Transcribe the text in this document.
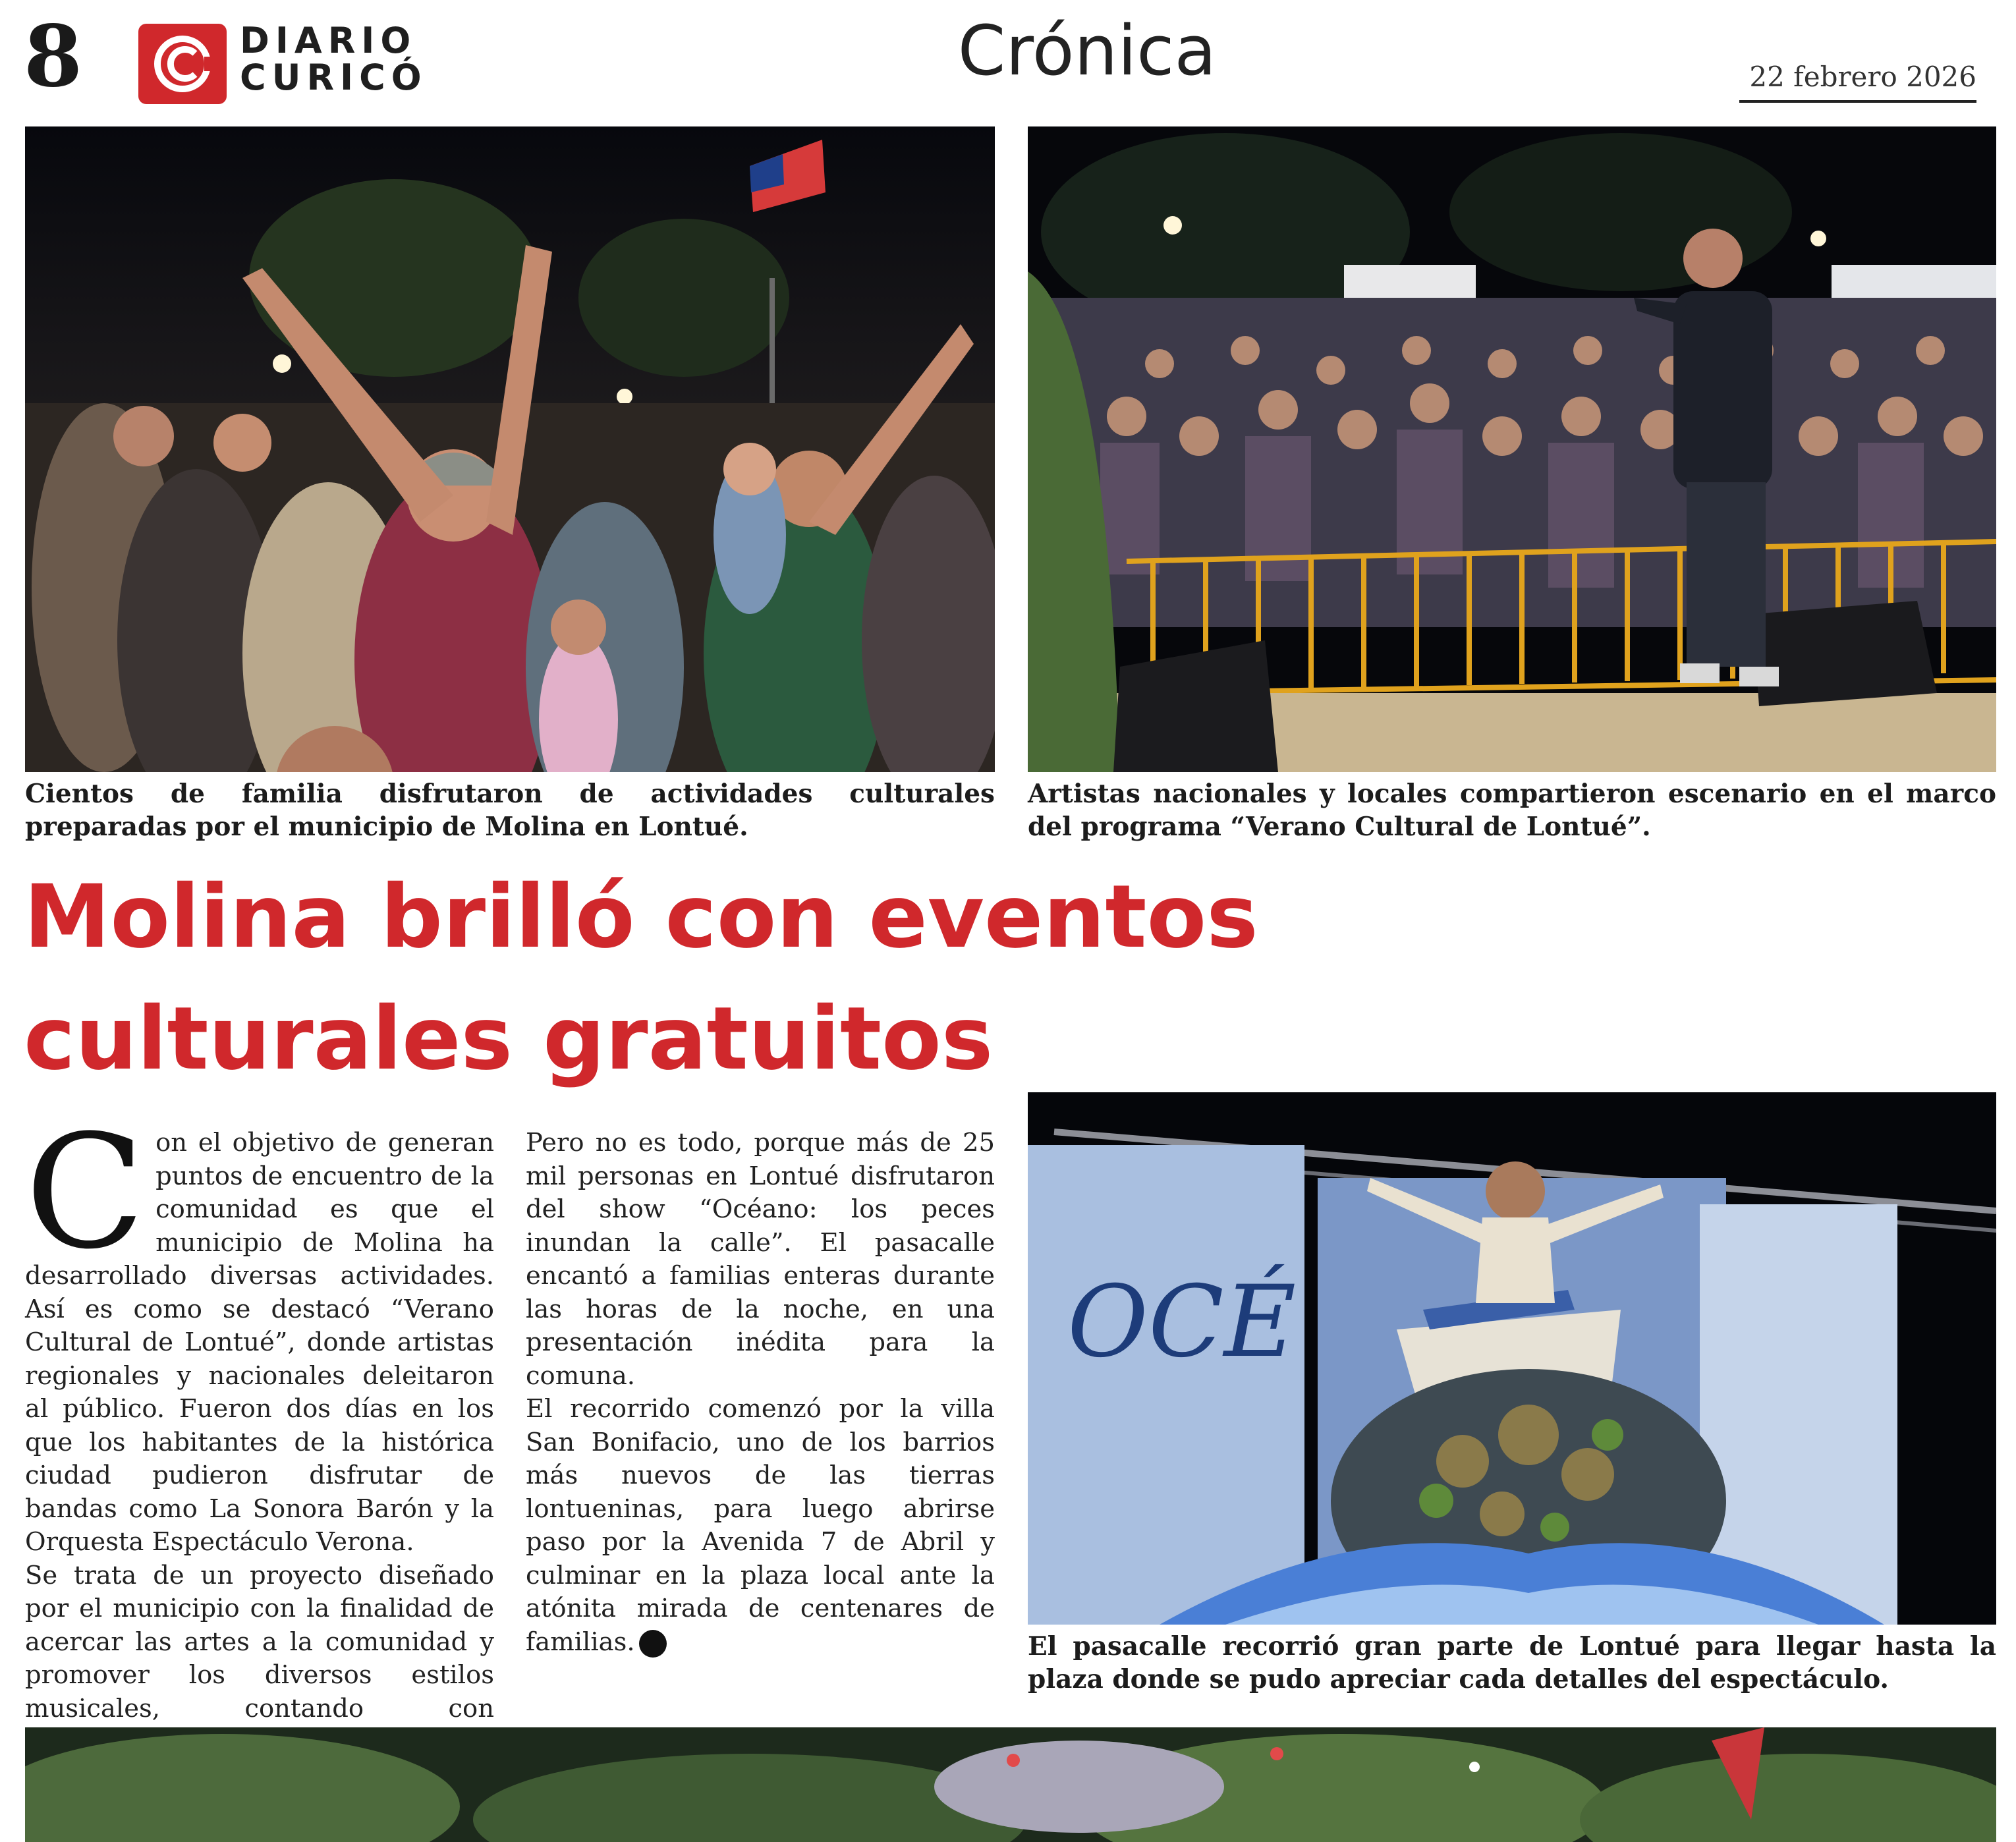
8	DIARIO
CURICÓ	Crónica	22 febrero 2026
Cientos de familia disfrutaron de actividades culturales preparadas por el municipio de Molina en Lontué.
Artistas nacionales y locales compartieron escenario en el marco del programa “Verano Cultural de Lontué”.
Molina brilló con eventos
culturales gratuitos

Con el objetivo de generan puntos de encuentro de la comunidad es que el municipio de Molina ha desarrollado diversas actividades. Así es como se destacó “Verano Cultural de Lontué”, donde artistas regionales y nacionales deleitaron al público. Fueron dos días en los que los habitantes de la histórica ciudad pudieron disfrutar de bandas como La Sonora Barón y la Orquesta Espectáculo Verona.

Se trata de un proyecto diseñado por el municipio con la finalidad de acercar las artes a la comunidad y promover los diversos estilos musicales, contando con

Pero no es todo, porque más de 25 mil personas en Lontué disfrutaron del show “Océano: los peces inundan la calle”. El pasacalle encantó a familias enteras durante las horas de la noche, en una presentación inédita para la comuna.

El recorrido comenzó por la villa San Bonifacio, uno de los barrios más nuevos de las tierras lontueninas, para luego abrirse paso por la Avenida 7 de Abril y culminar en la plaza local ante la atónita mirada de centenares de familias.

OCÉ
El pasacalle recorrió gran parte de Lontué para llegar hasta la plaza donde se pudo apreciar cada detalles del espectáculo.
